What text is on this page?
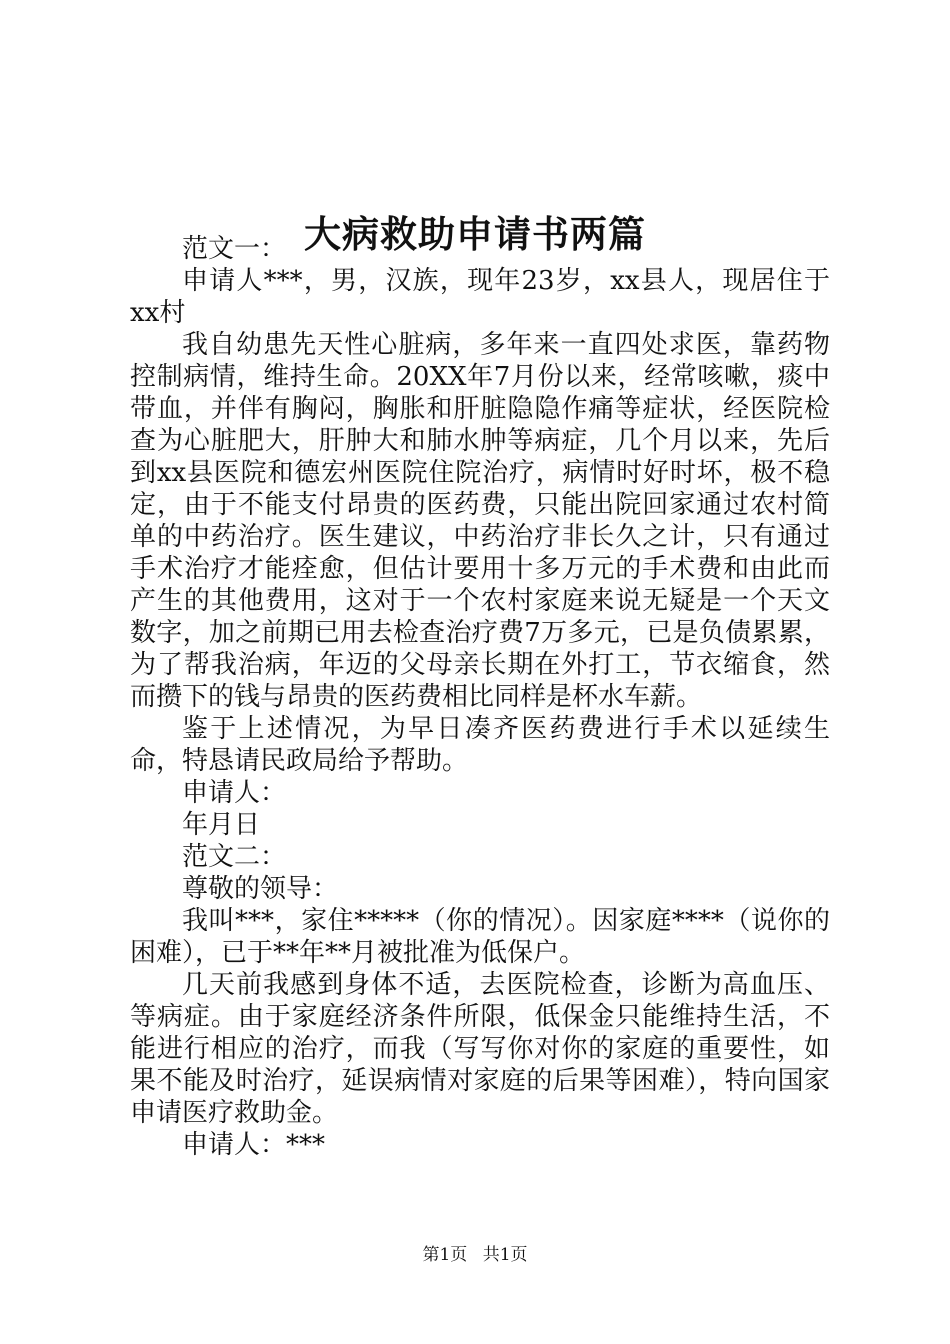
大病救助申请书两篇

范文一：

申请人***，男，汉族，现年23岁，xx县人，现居住于xx村

我自幼患先天性心脏病，多年来一直四处求医，靠药物控制病情，维持生命。20XX年7月份以来，经常咳嗽，痰中带血，并伴有胸闷，胸胀和肝脏隐隐作痛等症状，经医院检查为心脏肥大，肝肿大和肺水肿等病症，几个月以来，先后到xx县医院和德宏州医院住院治疗，病情时好时坏，极不稳定，由于不能支付昂贵的医药费，只能出院回家通过农村简单的中药治疗。医生建议，中药治疗非长久之计，只有通过手术治疗才能痊愈，但估计要用十多万元的手术费和由此而产生的其他费用，这对于一个农村家庭来说无疑是一个天文数字，加之前期已用去检查治疗费7万多元，已是负债累累，为了帮我治病，年迈的父母亲长期在外打工，节衣缩食，然而攒下的钱与昂贵的医药费相比同样是杯水车薪。

鉴于上述情况，为早日凑齐医药费进行手术以延续生命，特恳请民政局给予帮助。

申请人：

年月日

范文二：

尊敬的领导：

我叫***，家住*****（你的情况）。因家庭****（说你的困难），已于**年**月被批准为低保户。

几天前我感到身体不适，去医院检查，诊断为高血压、等病症。由于家庭经济条件所限，低保金只能维持生活，不能进行相应的治疗，而我（写写你对你的家庭的重要性，如果不能及时治疗，延误病情对家庭的后果等困难），特向国家申请医疗救助金。

申请人：***

第1页 共1页
